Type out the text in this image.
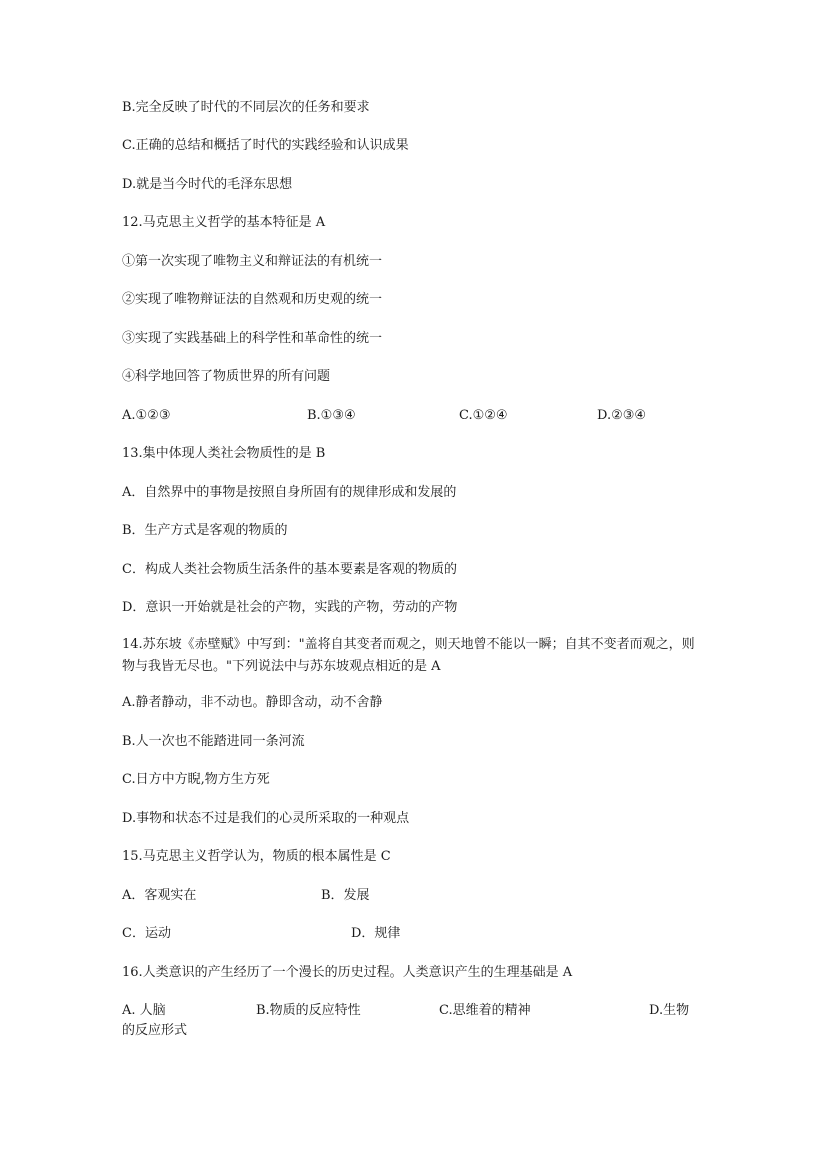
B.完全反映了时代的不同层次的任务和要求
C.正确的总结和概括了时代的实践经验和认识成果
D.就是当今时代的毛泽东思想
12.马克思主义哲学的基本特征是 A
①第一次实现了唯物主义和辩证法的有机统一
②实现了唯物辩证法的自然观和历史观的统一
③实现了实践基础上的科学性和革命性的统一
④科学地回答了物质世界的所有问题
A.①②③	B.①③④	C.①②④	D.②③④
13.集中体现人类社会物质性的是 B
A．自然界中的事物是按照自身所固有的规律形成和发展的
B．生产方式是客观的物质的
C．构成人类社会物质生活条件的基本要素是客观的物质的
D．意识一开始就是社会的产物，实践的产物，劳动的产物
14.苏东坡《赤壁赋》中写到："盖将自其变者而观之，则天地曾不能以一瞬；自其不变者而观之，则物与我皆无尽也。"下列说法中与苏东坡观点相近的是 A
A.静者静动，非不动也。静即含动，动不舍静
B.人一次也不能踏进同一条河流
C.日方中方睨,物方生方死
D.事物和状态不过是我们的心灵所采取的一种观点
15.马克思主义哲学认为，物质的根本属性是 C
A．客观实在	B．发展
C．运动	D．规律
16.人类意识的产生经历了一个漫长的历史过程。人类意识产生的生理基础是 A
A. 人脑	B.物质的反应特性	C.思维着的精神	D.生物
的反应形式
